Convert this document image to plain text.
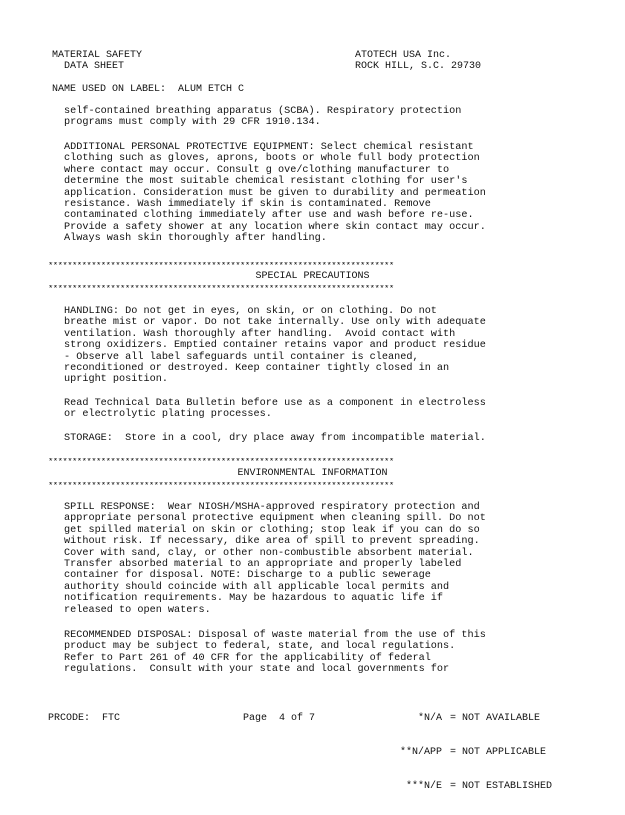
MATERIAL SAFETY
DATA SHEET
ATOTECH USA Inc.
ROCK HILL, S.C. 29730
NAME USED ON LABEL:  ALUM ETCH C
self-contained breathing apparatus (SCBA). Respiratory protection
programs must comply with 29 CFR 1910.134.
ADDITIONAL PERSONAL PROTECTIVE EQUIPMENT: Select chemical resistant
clothing such as gloves, aprons, boots or whole full body protection
where contact may occur. Consult g ove/clothing manufacturer to
determine the most suitable chemical resistant clothing for user's
application. Consideration must be given to durability and permeation
resistance. Wash immediately if skin is contaminated. Remove
contaminated clothing immediately after use and wash before re-use.
Provide a safety shower at any location where skin contact may occur.
Always wash skin thoroughly after handling.
************************************************************************
SPECIAL PRECAUTIONS
************************************************************************
HANDLING: Do not get in eyes, on skin, or on clothing. Do not
breathe mist or vapor. Do not take internally. Use only with adequate
ventilation. Wash thoroughly after handling.  Avoid contact with
strong oxidizers. Emptied container retains vapor and product residue
- Observe all label safeguards until container is cleaned,
reconditioned or destroyed. Keep container tightly closed in an
upright position.
Read Technical Data Bulletin before use as a component in electroless
or electrolytic plating processes.
STORAGE:  Store in a cool, dry place away from incompatible material.
************************************************************************
ENVIRONMENTAL INFORMATION
************************************************************************
SPILL RESPONSE:  Wear NIOSH/MSHA-approved respiratory protection and
appropriate personal protective equipment when cleaning spill. Do not
get spilled material on skin or clothing; stop leak if you can do so
without risk. If necessary, dike area of spill to prevent spreading.
Cover with sand, clay, or other non-combustible absorbent material.
Transfer absorbed material to an appropriate and properly labeled
container for disposal. NOTE: Discharge to a public sewerage
authority should coincide with all applicable local permits and
notification requirements. May be hazardous to aquatic life if
released to open waters.
RECOMMENDED DISPOSAL: Disposal of waste material from the use of this
product may be subject to federal, state, and local regulations.
Refer to Part 261 of 40 CFR for the applicability of federal
regulations.  Consult with your state and local governments for

*N/A = NOT AVAILABLE

**N/APP = NOT APPLICABLE

***N/E = NOT ESTABLISHED

PRCODE:  FTC	Page  4 of 7
